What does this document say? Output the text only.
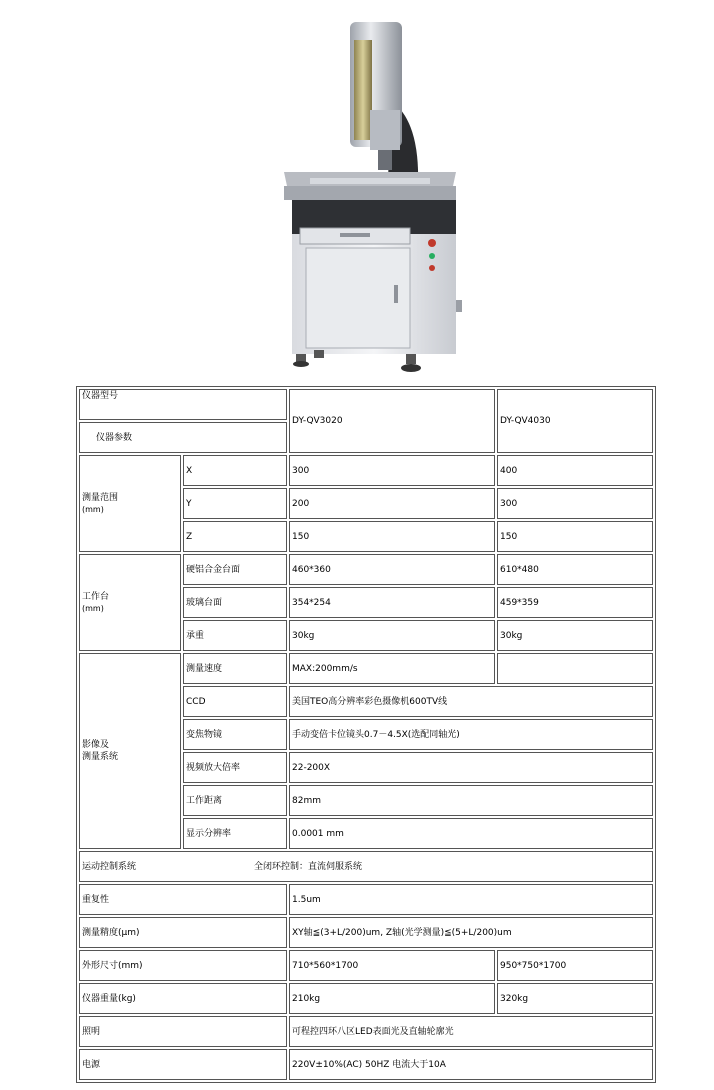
仪器型号		DY-QV3020	DY-QV4030
仪器参数			

测量范围
(mm)	X	300	400
	Y	200	300
	Z	150	150

工作台
(mm)	硬铝合金台面	460*360	610*480
	玻璃台面	354*254	459*359
	承重	30kg	30kg

影像及
测量系统	测量速度	MAX:200mm/s	
	CCD	美国TEO高分辨率彩色摄像机600TV线	
	变焦物镜	手动变倍卡位镜头0.7－4.5X(选配同轴光)	
	视频放大倍率	22-200X	
	工作距离	82mm	
	显示分辨率	0.0001 mm	
运动控制系统 全闭环控制：直流伺服系统			
重复性		1.5um	
测量精度(μm)		XY轴≦(3+L/200)um, Z轴(光学测量)≦(5+L/200)um	
外形尺寸(mm)		710*560*1700	950*750*1700
仪器重量(kg)		210kg	320kg
照明		可程控四环八区LED表面光及直轴轮廓光	
电源		220V±10%(AC) 50HZ 电流大于10A	
